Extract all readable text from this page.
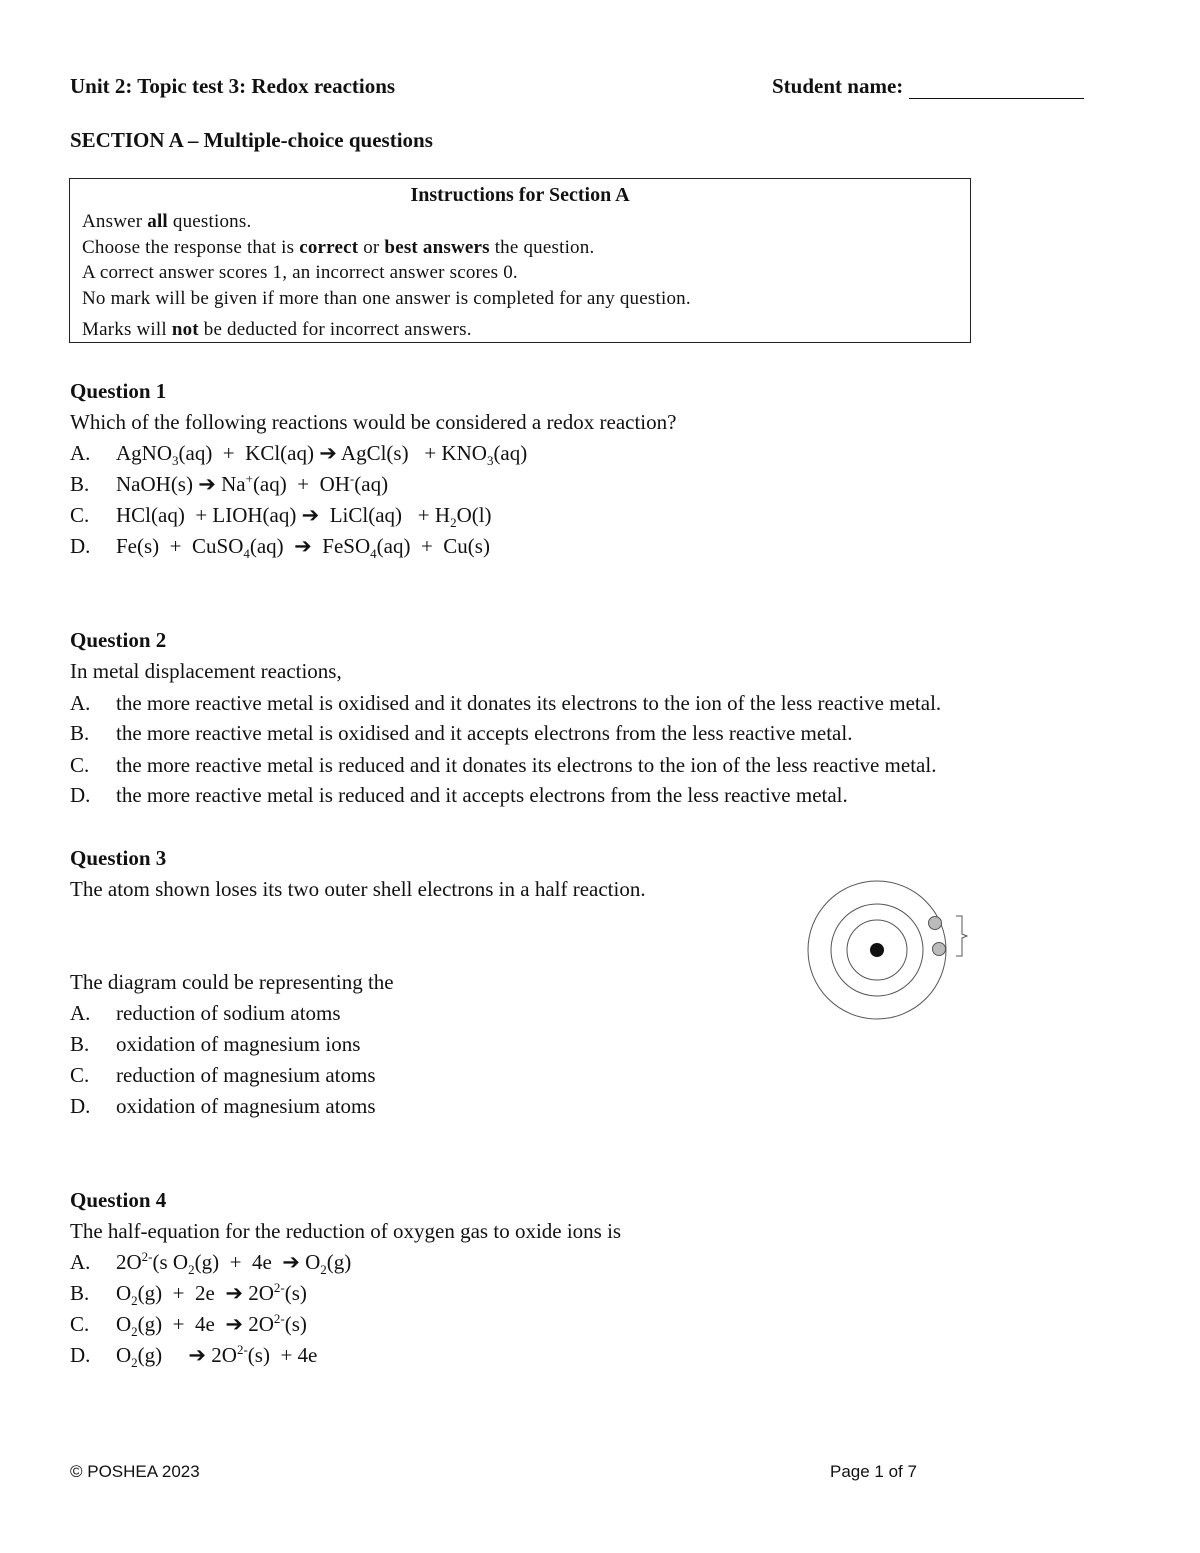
Unit 2: Topic test 3: Redox reactions	Student name:
SECTION A – Multiple-choice questions
Instructions for Section A
Answer all questions.
Choose the response that is correct or best answers the question.
A correct answer scores 1, an incorrect answer scores 0.
No mark will be given if more than one answer is completed for any question.
Marks will not be deducted for incorrect answers.
Question 1
Which of the following reactions would be considered a redox reaction?
A. AgNO$_3$(aq)  +  KCl(aq) ➔ AgCl(s)   + $KNO_3(aq)$
B. NaOH(s) ➔ Na+(aq)  +  OH-(aq)
C. HCl(aq)  + LIOH(aq) ➔  LiCl(aq)   + $H_2O(l)$
D. Fe(s)  +  CuSO$_4$(aq)  ➔  FeSO$_4$(aq)  +  Cu(s)
Question 2
In metal displacement reactions,
A. the more reactive metal is oxidised and it donates its electrons to the ion of the less reactive metal.
B. the more reactive metal is oxidised and it accepts electrons from the less reactive metal.
C. the more reactive metal is reduced and it donates its electrons to the ion of the less reactive metal.
D. the more reactive metal is reduced and it accepts electrons from the less reactive metal.
Question 3
The atom shown loses its two outer shell electrons in a half reaction.
The diagram could be representing the
A. reduction of sodium atoms
B. oxidation of magnesium ions
C. reduction of magnesium atoms
D. oxidation of magnesium atoms
Question 4
The half-equation for the reduction of oxygen gas to oxide ions is
A. $2O^{2-}(s$ $O_2(g) + 4e$  ➔ $O_2(g)$
B. $O_2(g) + 2e$  ➔ $2O^{2-}(s)$
C. $O_2(g) + 4e$  ➔ $2O^{2-}(s)$
D. $O_2(g)$     ➔ $2O^{2-}(s) + 4e$
© POSHEA 2023	Page 1 of 7
